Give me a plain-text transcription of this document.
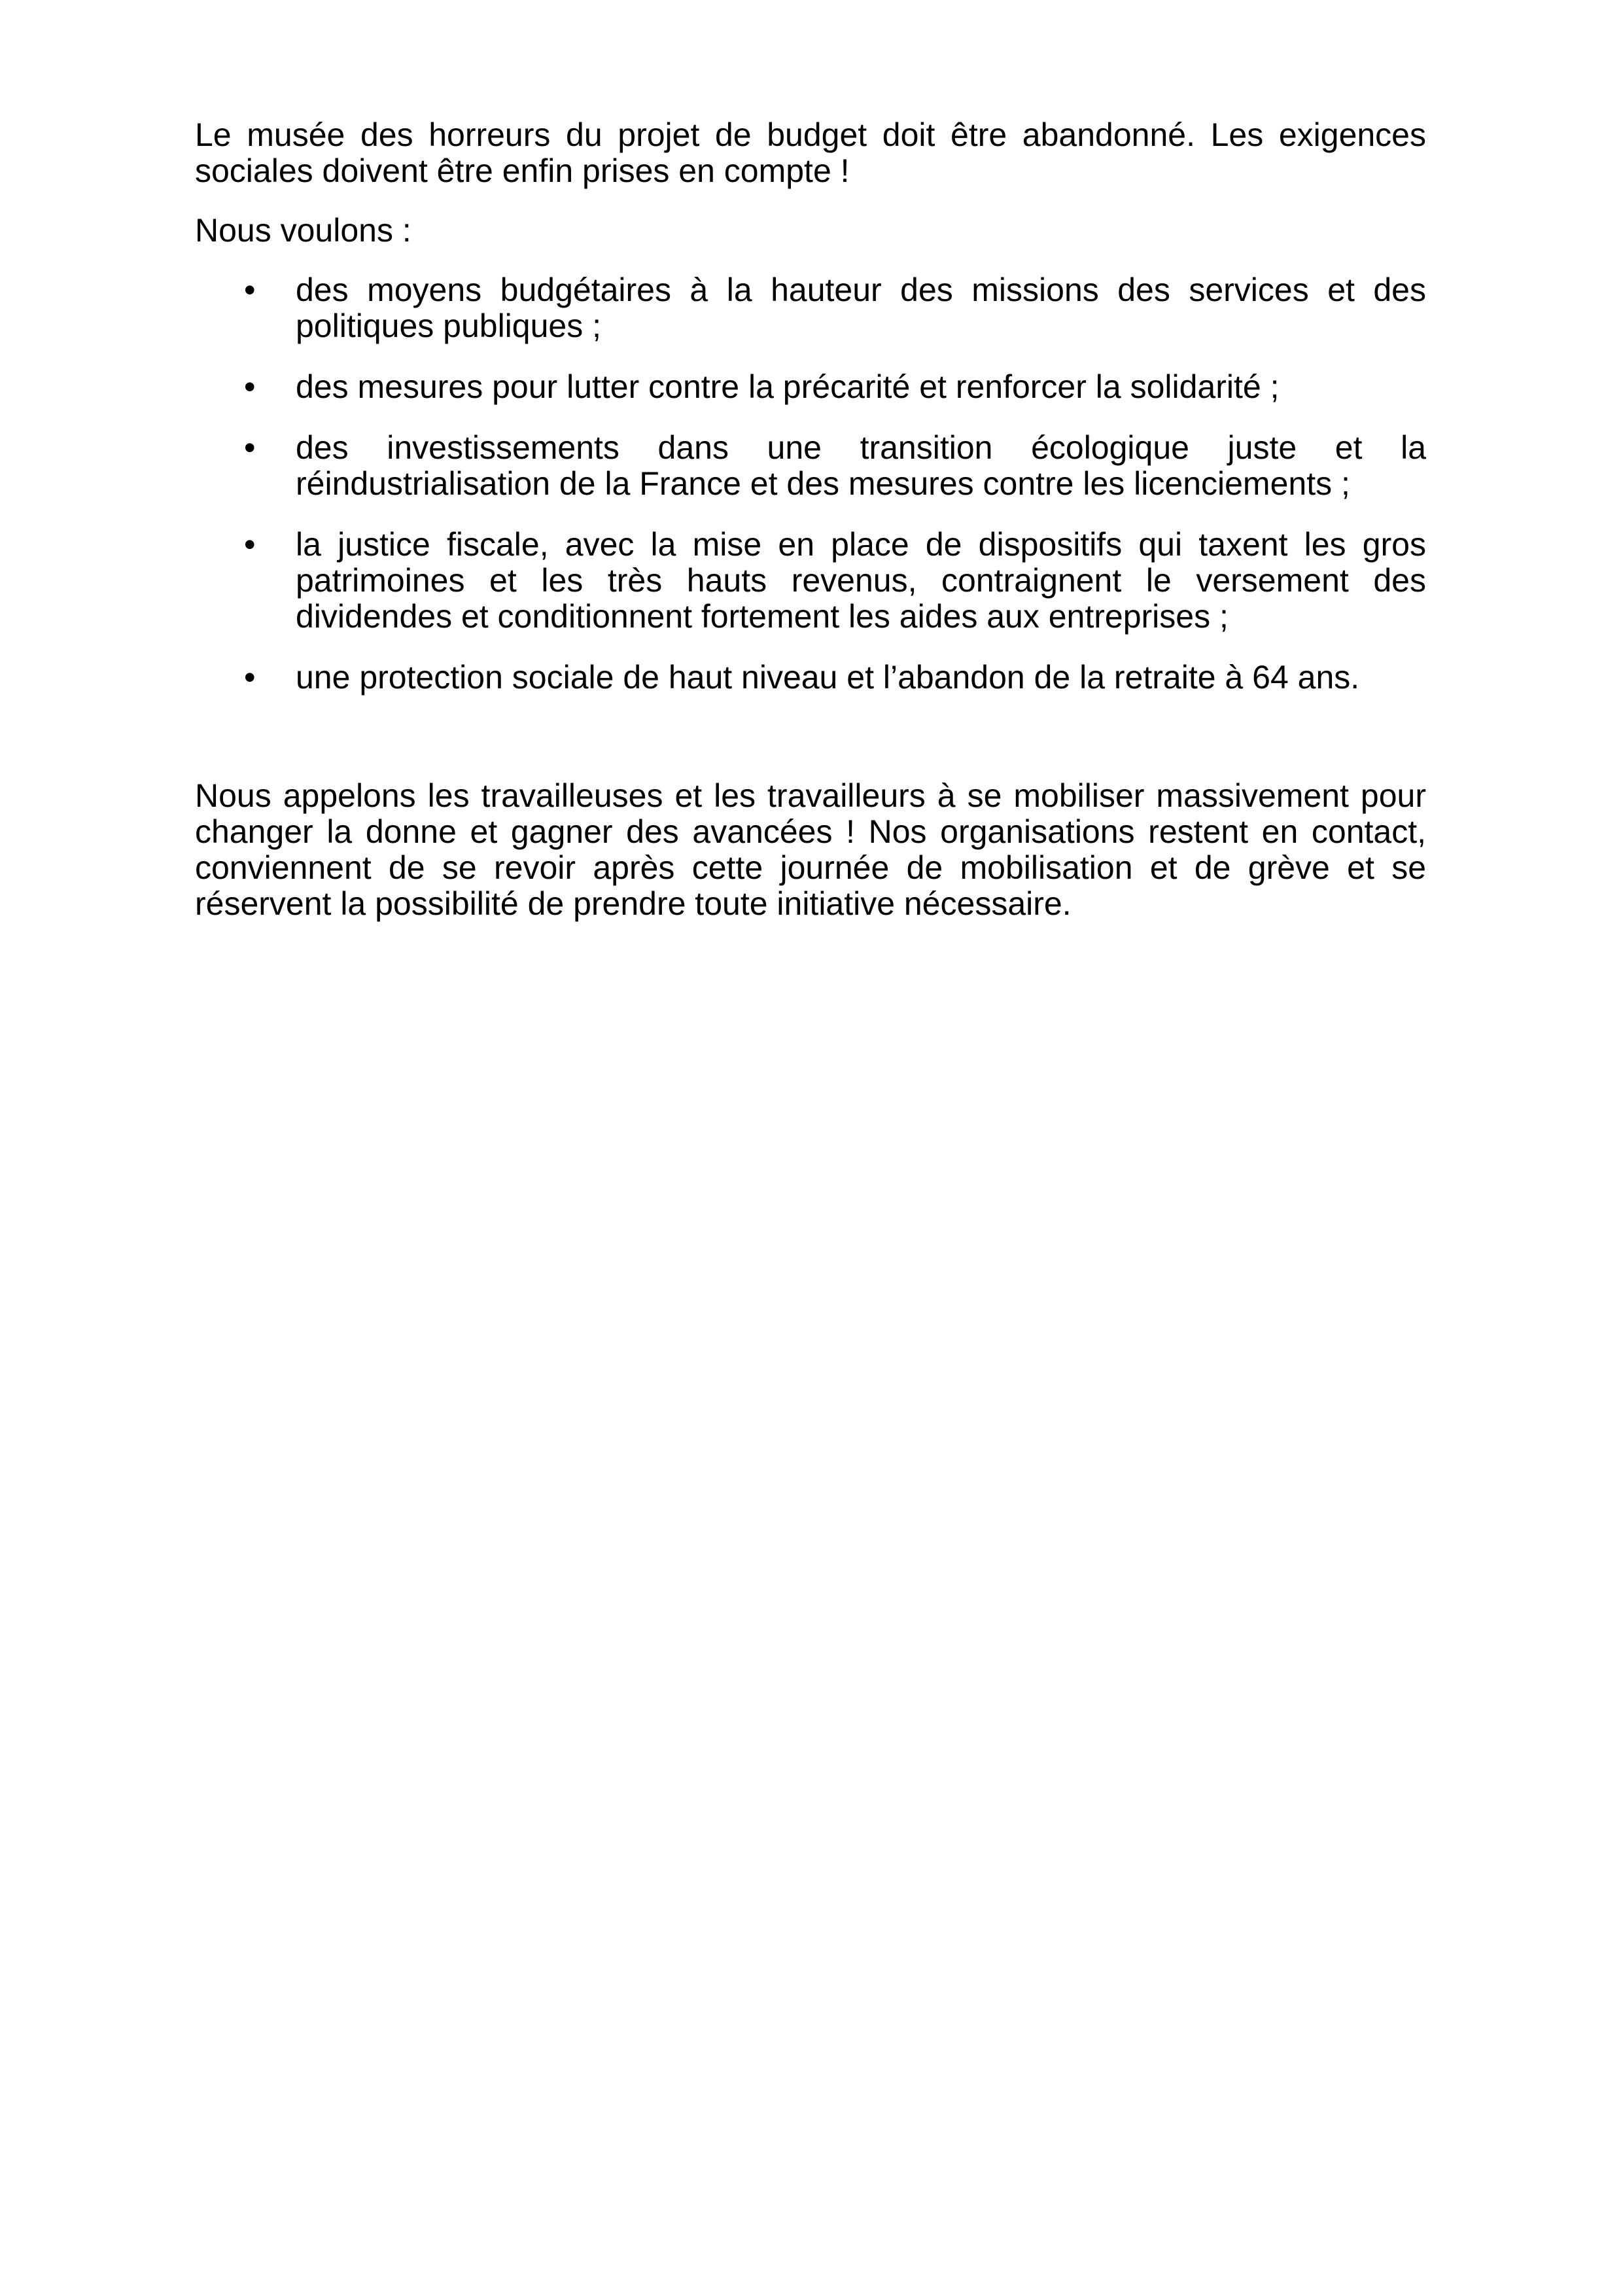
Le musée des horreurs du projet de budget doit être abandonné. Les exigences sociales doivent être enfin prises en compte !

Nous voulons :

• des moyens budgétaires à la hauteur des missions des services et des politiques publiques ;
• des mesures pour lutter contre la précarité et renforcer la solidarité ;
• des investissements dans une transition écologique juste et la réindustrialisation de la France et des mesures contre les licenciements ;
• la justice fiscale, avec la mise en place de dispositifs qui taxent les gros patrimoines et les très hauts revenus, contraignent le versement des dividendes et conditionnent fortement les aides aux entreprises ;
• une protection sociale de haut niveau et l’abandon de la retraite à 64 ans.

Nous appelons les travailleuses et les travailleurs à se mobiliser massivement pour changer la donne et gagner des avancées ! Nos organisations restent en contact, conviennent de se revoir après cette journée de mobilisation et de grève et se réservent la possibilité de prendre toute initiative nécessaire.
